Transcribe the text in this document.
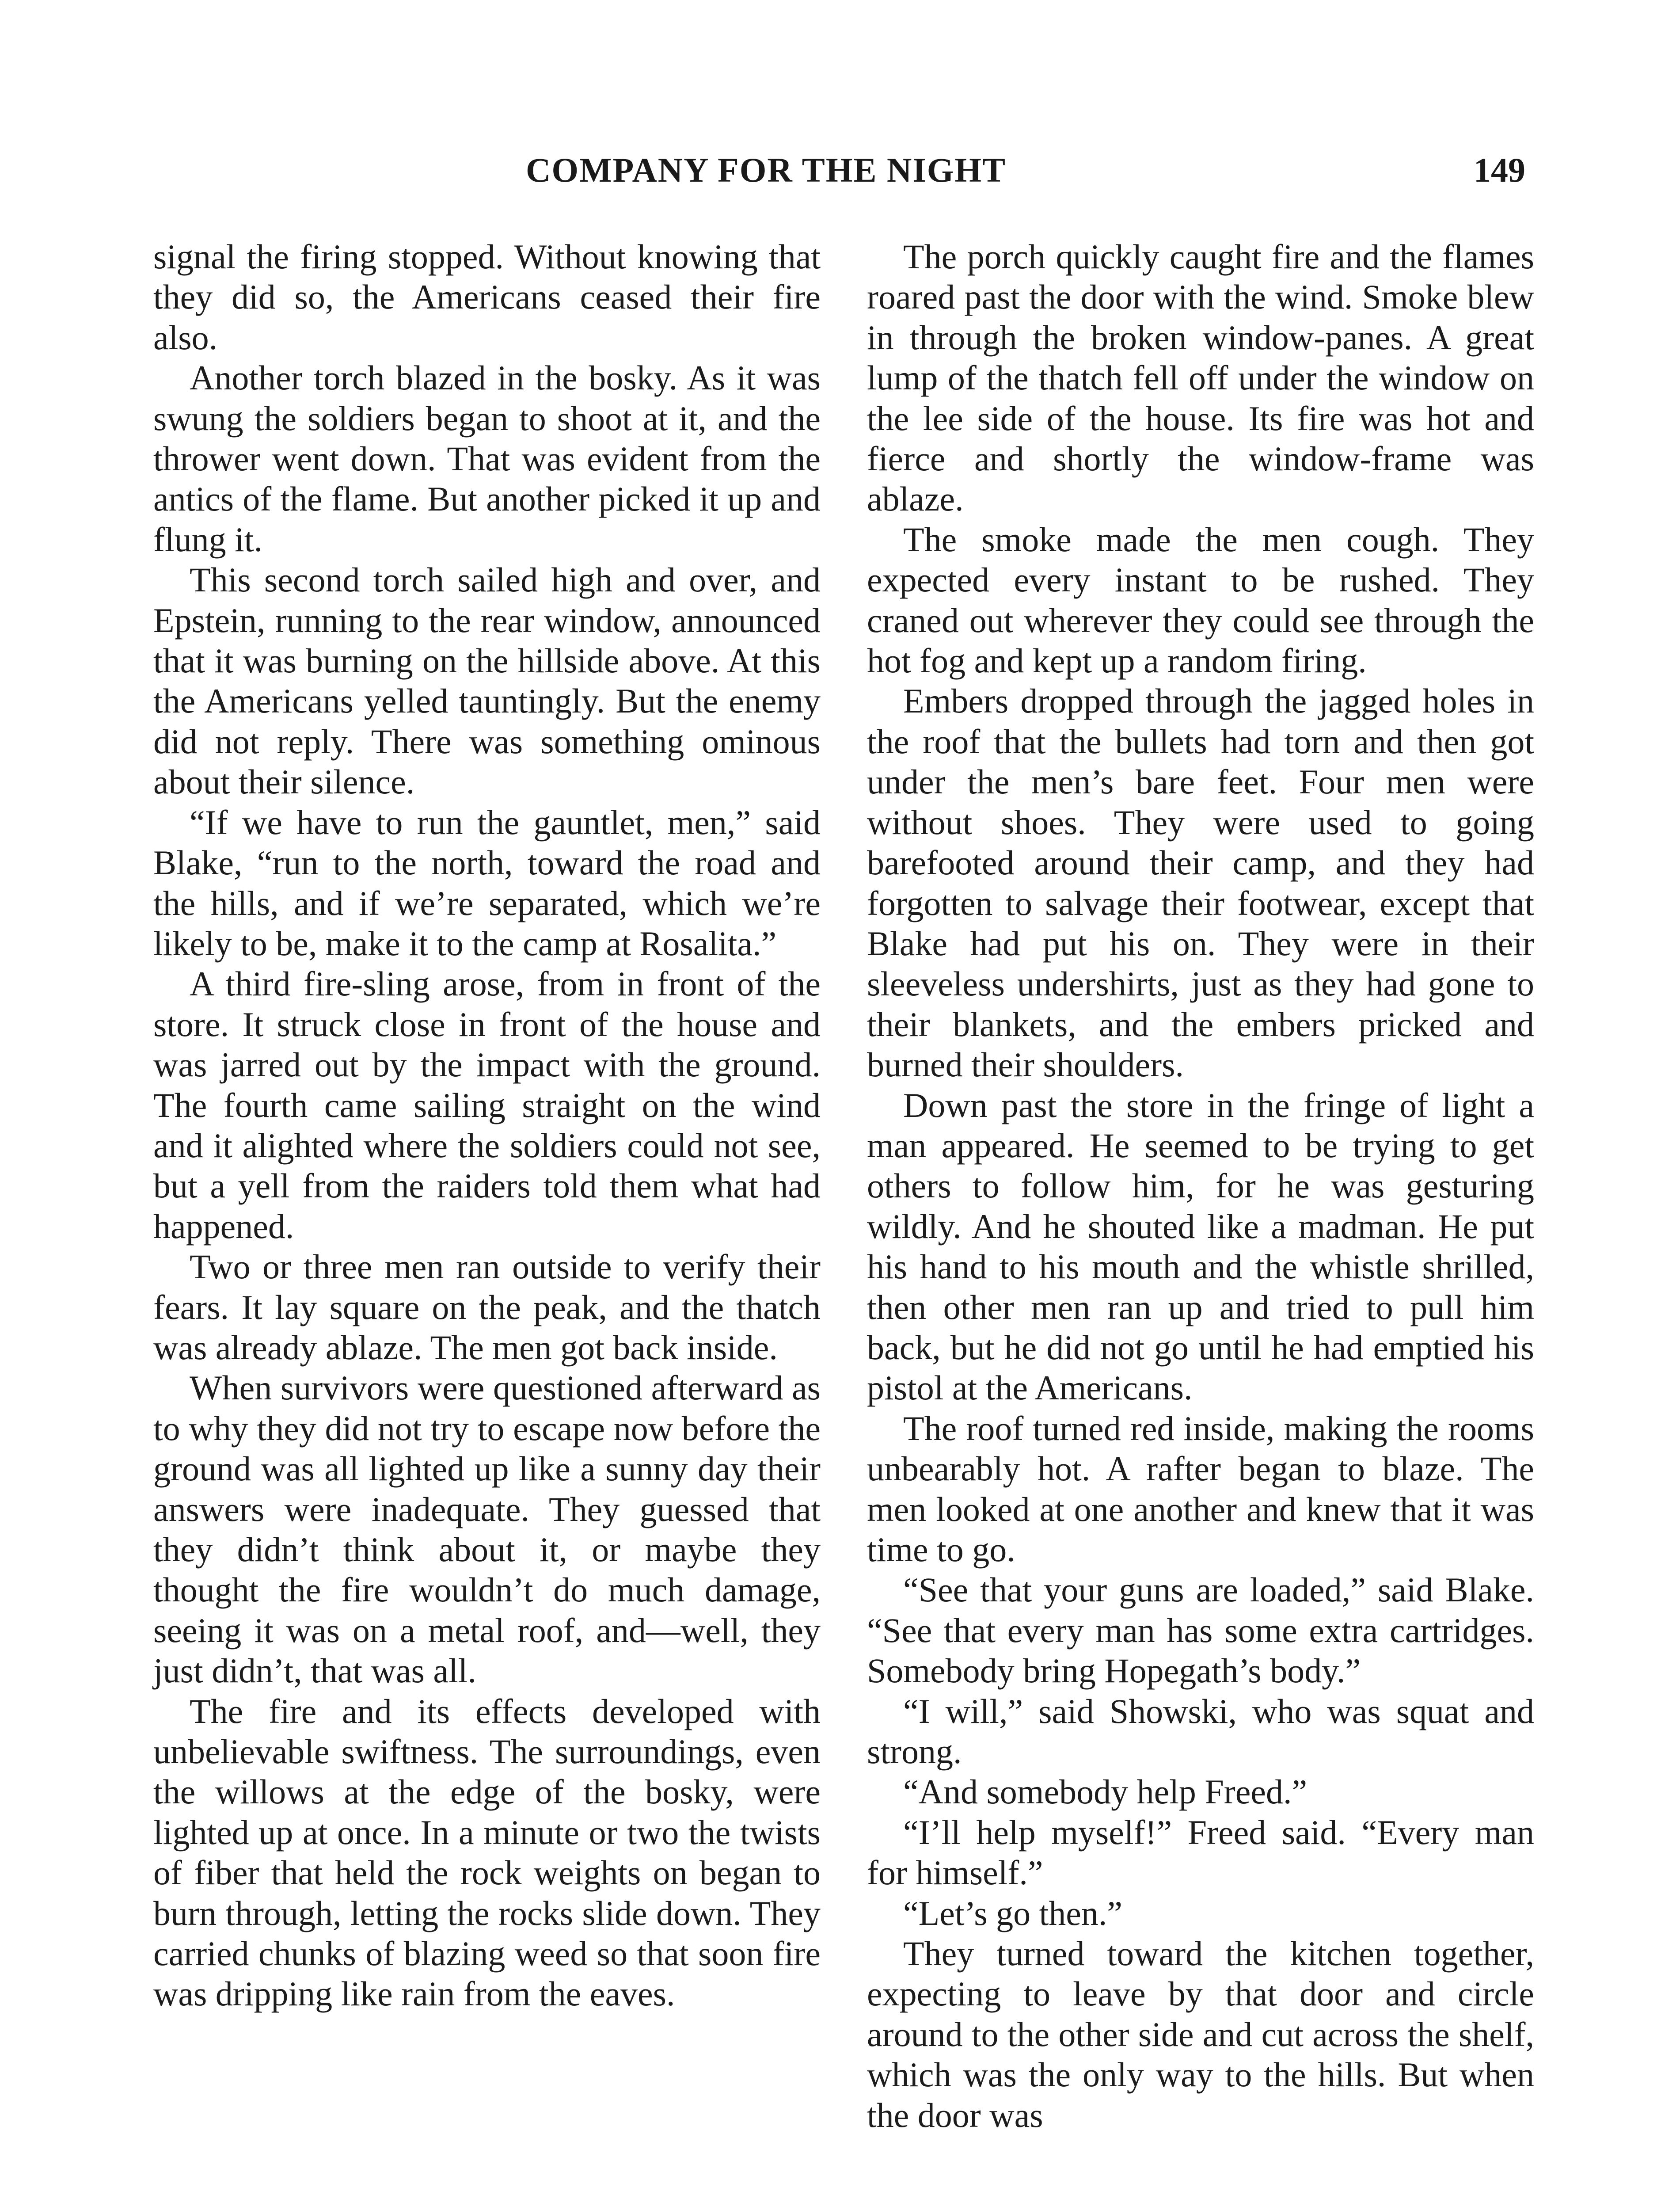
COMPANY FOR THE NIGHT	149

signal the firing stopped. Without knowing that they did so, the Americans ceased their fire also.

Another torch blazed in the bosky. As it was swung the soldiers began to shoot at it, and the thrower went down. That was evident from the antics of the flame. But another picked it up and flung it.

This second torch sailed high and over, and Epstein, running to the rear window, announced that it was burning on the hillside above. At this the Americans yelled tauntingly. But the enemy did not reply. There was something ominous about their silence.

“If we have to run the gauntlet, men,” said Blake, “run to the north, toward the road and the hills, and if we’re separated, which we’re likely to be, make it to the camp at Rosalita.”

A third fire-sling arose, from in front of the store. It struck close in front of the house and was jarred out by the impact with the ground. The fourth came sailing straight on the wind and it alighted where the soldiers could not see, but a yell from the raiders told them what had happened.

Two or three men ran outside to verify their fears. It lay square on the peak, and the thatch was already ablaze. The men got back inside.

When survivors were questioned afterward as to why they did not try to escape now before the ground was all lighted up like a sunny day their answers were inadequate. They guessed that they didn’t think about it, or maybe they thought the fire wouldn’t do much damage, seeing it was on a metal roof, and—well, they just didn’t, that was all.

The fire and its effects developed with unbelievable swiftness. The surroundings, even the willows at the edge of the bosky, were lighted up at once. In a minute or two the twists of fiber that held the rock weights on began to burn through, letting the rocks slide down. They carried chunks of blazing weed so that soon fire was dripping like rain from the eaves.

The porch quickly caught fire and the flames roared past the door with the wind. Smoke blew in through the broken window-panes. A great lump of the thatch fell off under the window on the lee side of the house. Its fire was hot and fierce and shortly the window-frame was ablaze.

The smoke made the men cough. They expected every instant to be rushed. They craned out wherever they could see through the hot fog and kept up a random firing.

Embers dropped through the jagged holes in the roof that the bullets had torn and then got under the men’s bare feet. Four men were without shoes. They were used to going barefooted around their camp, and they had forgotten to salvage their footwear, except that Blake had put his on. They were in their sleeveless undershirts, just as they had gone to their blankets, and the embers pricked and burned their shoulders.

Down past the store in the fringe of light a man appeared. He seemed to be trying to get others to follow him, for he was gesturing wildly. And he shouted like a madman. He put his hand to his mouth and the whistle shrilled, then other men ran up and tried to pull him back, but he did not go until he had emptied his pistol at the Americans.

The roof turned red inside, making the rooms unbearably hot. A rafter began to blaze. The men looked at one another and knew that it was time to go.

“See that your guns are loaded,” said Blake. “See that every man has some extra cartridges. Somebody bring Hopegath’s body.”

“I will,” said Showski, who was squat and strong.

“And somebody help Freed.”

“I’ll help myself!” Freed said. “Every man for himself.”

“Let’s go then.”

They turned toward the kitchen together, expecting to leave by that door and circle around to the other side and cut across the shelf, which was the only way to the hills. But when the door was
